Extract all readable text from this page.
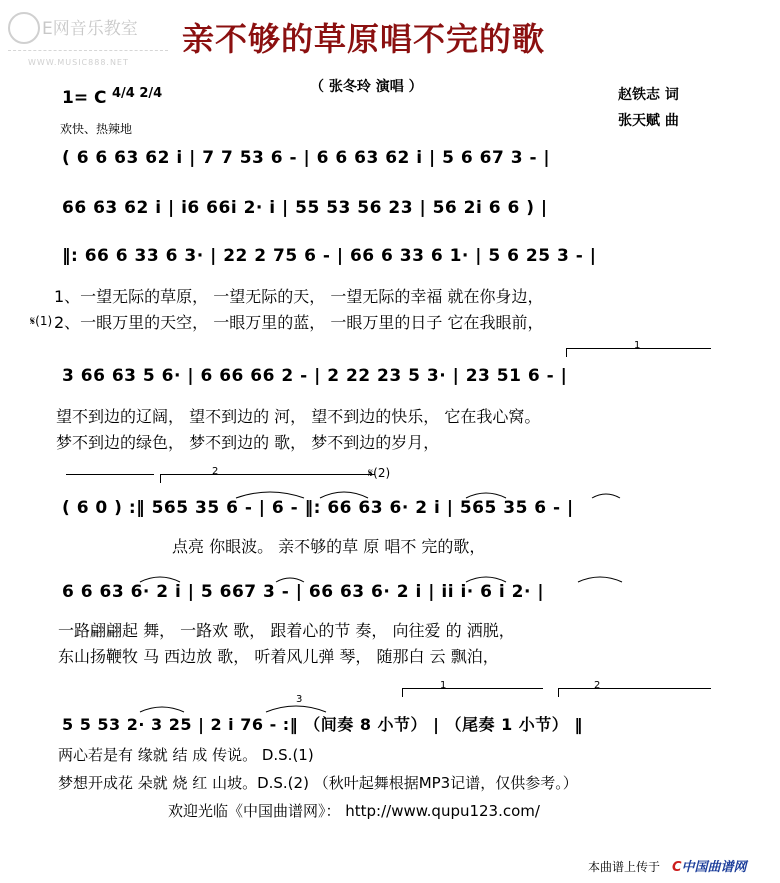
E网音乐教室
WWW.MUSIC888.NET
亲不够的草原唱不完的歌
（ 张冬玲 演唱 ）
1= C 4/4 2/4
欢快、热辣地
赵铁志 词
张天赋 曲
( 6 6 63 62 i | 7 7 53 6 - | 6 6 63 62 i | 5 6 67 3 - |
66 63 62 i | i6 66i 2· i | 55 53 56 23 | 56 2i 6 6 ) |
‖: 66 6 33 6 3· | 22 2 75 6 - | 66 6 33 6 1· | 5 6 25 3 - |
1、一望无际的草原， 一望无际的天， 一望无际的幸福 就在你身边，
𝄋(1) 2、一眼万里的天空， 一眼万里的蓝， 一眼万里的日子 它在我眼前，
1
3 66 63 5 6· | 6 66 66 2 - | 2 22 23 5 3· | 23 51 6 - |
望不到边的辽阔， 望不到边的 河， 望不到边的快乐， 它在我心窝。
梦不到边的绿色， 梦不到边的 歌， 梦不到边的岁月，
2	𝄋(2)
( 6 0 ) :‖ 565 35 6 - | 6 - ‖: 66 63 6· 2 i | 565 35 6 - |
点亮 你眼波。 亲不够的草 原 唱不 完的歌，
6 6 63 6· 2 i | 5 667 3 - | 66 63 6· 2 i | ii i· 6 i 2· |
一路翩翩起 舞， 一路欢 歌， 跟着心的节 奏， 向往爱 的 洒脱，
东山扬鞭牧 马 西边放 歌， 听着风儿弹 琴， 随那白 云 飘泊，
1	2
3
5 5 53 2· 3 25 | 2 i 76 - :‖ （间奏 8 小节） | （尾奏 1 小节） ‖
两心若是有 缘就 结 成 传说。 D.S.(1)
梦想开成花 朵就 烧 红 山坡。D.S.(2) （秋叶起舞根据MP3记谱，仅供参考。）
欢迎光临《中国曲谱网》： http://www.qupu123.com/
本曲谱上传于 C中国曲谱网
